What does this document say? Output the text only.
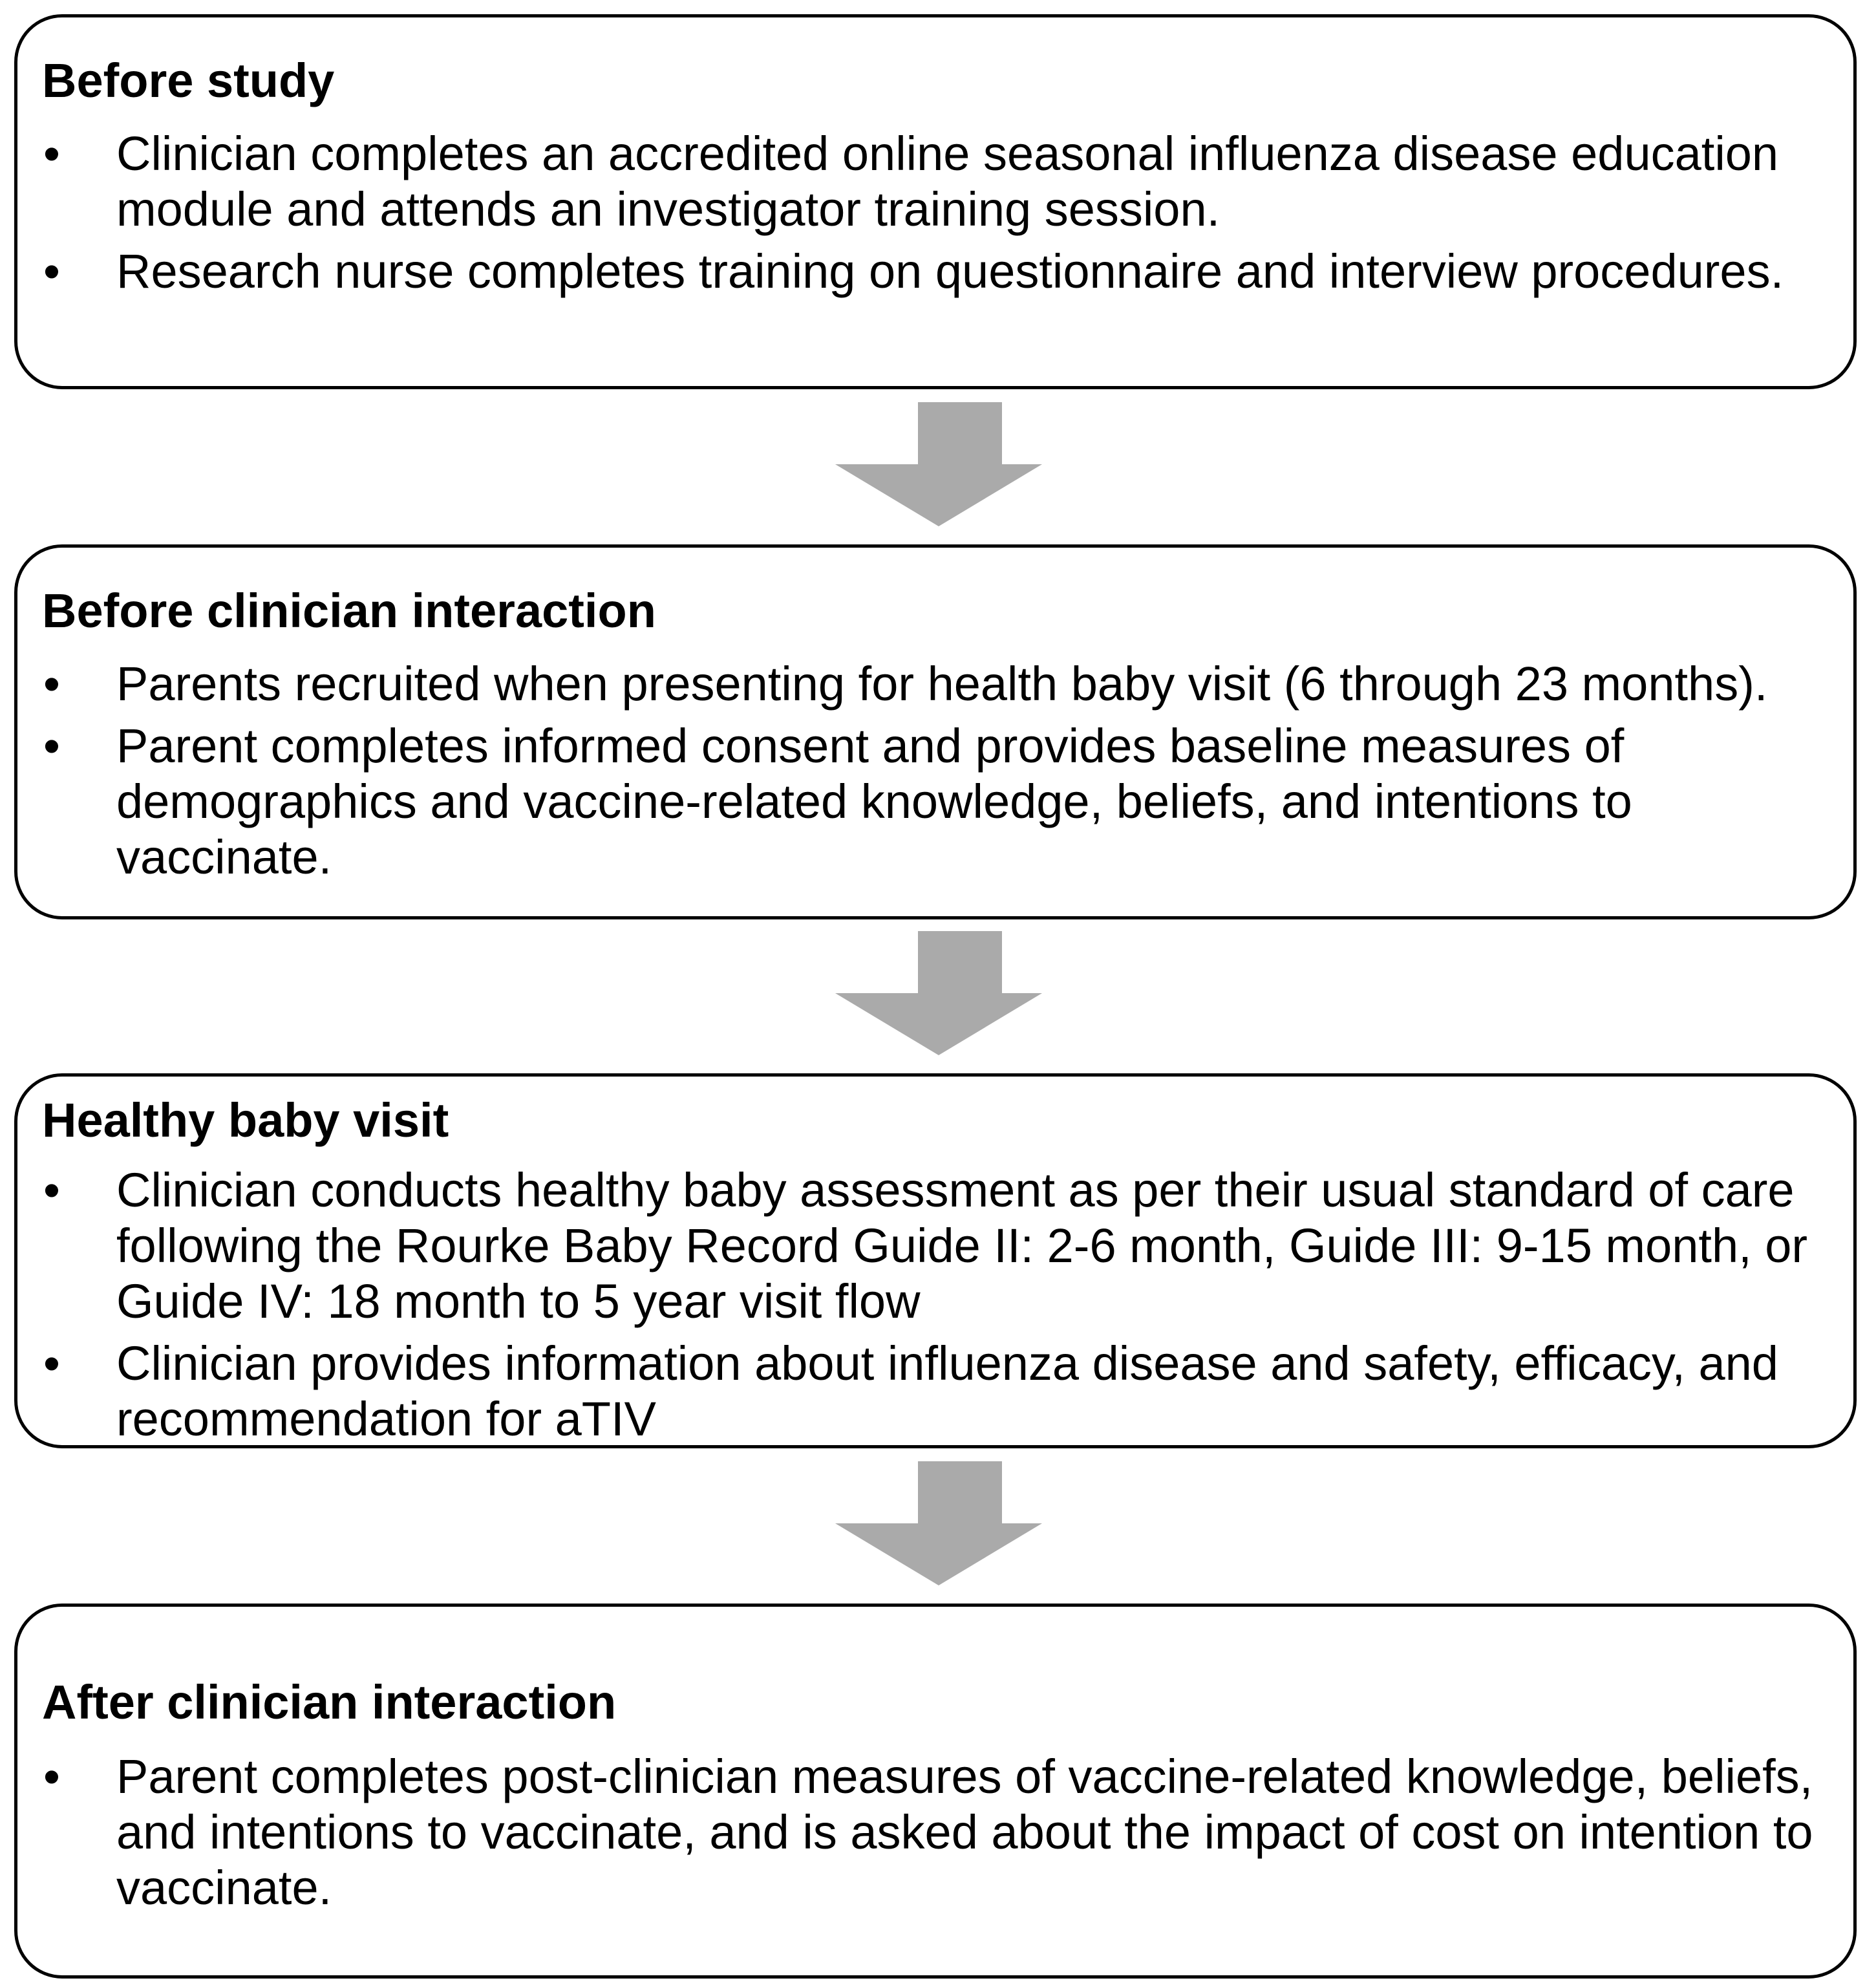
Before study
• Clinician completes an accredited online seasonal influenza disease education module and attends an investigator training session.
• Research nurse completes training on questionnaire and interview procedures.
Before clinician interaction
• Parents recruited when presenting for health baby visit (6 through 23 months).
• Parent completes informed consent and provides baseline measures of demographics and vaccine-related knowledge, beliefs, and intentions to vaccinate.
Healthy baby visit
• Clinician conducts healthy baby assessment as per their usual standard of care following the Rourke Baby Record Guide II: 2-6 month, Guide III: 9-15 month, or Guide IV: 18 month to 5 year visit flow
• Clinician provides information about influenza disease and safety, efficacy, and recommendation for aTIV
After clinician interaction
• Parent completes post-clinician measures of vaccine-related knowledge, beliefs, and intentions to vaccinate, and is asked about the impact of cost on intention to vaccinate.
